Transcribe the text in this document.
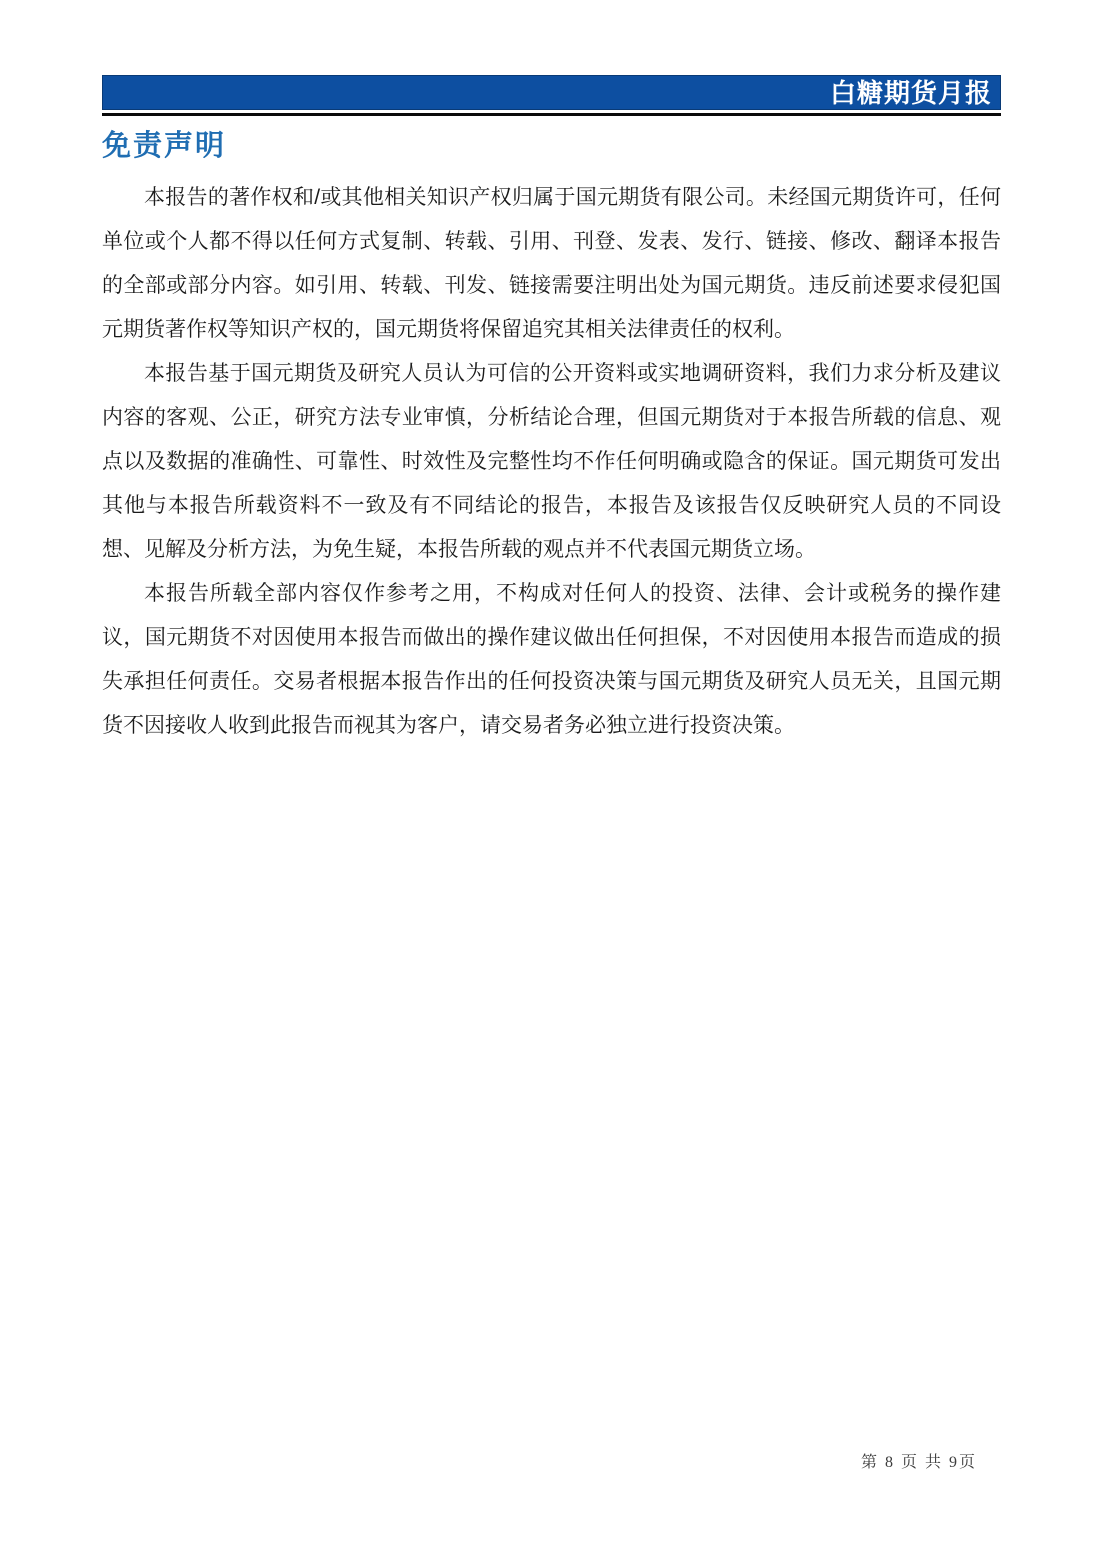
白糖期货月报
免责声明

本报告的著作权和/或其他相关知识产权归属于国元期货有限公司。未经国元期货许可，任何单位或个人都不得以任何方式复制、转载、引用、刊登、发表、发行、链接、修改、翻译本报告的全部或部分内容。如引用、转载、刊发、链接需要注明出处为国元期货。违反前述要求侵犯国元期货著作权等知识产权的，国元期货将保留追究其相关法律责任的权利。

本报告基于国元期货及研究人员认为可信的公开资料或实地调研资料，我们力求分析及建议内容的客观、公正，研究方法专业审慎，分析结论合理，但国元期货对于本报告所载的信息、观点以及数据的准确性、可靠性、时效性及完整性均不作任何明确或隐含的保证。国元期货可发出其他与本报告所载资料不一致及有不同结论的报告，本报告及该报告仅反映研究人员的不同设想、见解及分析方法，为免生疑，本报告所载的观点并不代表国元期货立场。

本报告所载全部内容仅作参考之用，不构成对任何人的投资、法律、会计或税务的操作建议，国元期货不对因使用本报告而做出的操作建议做出任何担保，不对因使用本报告而造成的损失承担任何责任。交易者根据本报告作出的任何投资决策与国元期货及研究人员无关，且国元期货不因接收人收到此报告而视其为客户，请交易者务必独立进行投资决策。

第 8 页 共 9页
